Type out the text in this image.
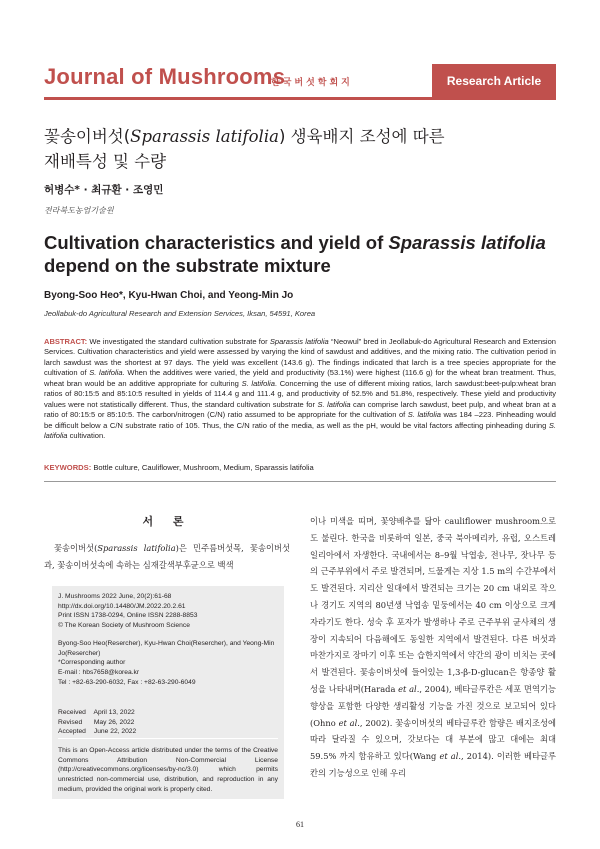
Journal of Mushrooms
한국버섯학회지	Research Article
꽃송이버섯(Sparassis latifolia) 생육배지 조성에 따른
재배특성 및 수량
허병수* · 최규환 · 조영민
전라북도농업기술원
Cultivation characteristics and yield of Sparassis latifolia depend on the substrate mixture
Byong-Soo Heo*, Kyu-Hwan Choi, and Yeong-Min Jo
Jeollabuk-do Agricultural Research and Extension Services, Iksan, 54591, Korea
ABSTRACT: We investigated the standard cultivation substrate for Sparassis latifolia “Neowul” bred in Jeollabuk-do Agricultural Research and Extension Services. Cultivation characteristics and yield were assessed by varying the kind of sawdust and additives, and the mixing ratio. The cultivation period in larch sawdust was the shortest at 97 days. The yield was excellent (143.6 g). The findings indicated that larch is a tree species appropriate for the cultivation of S. latifolia. When the additives were varied, the yield and productivity (53.1%) were highest (116.6 g) for the wheat bran treatment. Thus, wheat bran would be an additive appropriate for culturing S. latifolia. Concerning the use of different mixing ratios, larch sawdust:beet-pulp:wheat bran ratios of 80:15:5 and 85:10:5 resulted in yields of 114.4 g and 111.4 g, and productivity of 52.5% and 51.8%, respectively. These yield and productivity values were not statistically different. Thus, the standard cultivation substrate for S. latifolia can comprise larch sawdust, beet pulp, and wheat bran at a ratio of 80:15:5 or 85:10:5. The carbon/nitrogen (C/N) ratio assumed to be appropriate for the cultivation of S. latifolia was 184 –223. Pinheading would be difficult below a C/N substrate ratio of 105. Thus, the C/N ratio of the media, as well as the pH, would be vital factors affecting pinheading during S. latifolia cultivation.
KEYWORDS: Bottle culture, Cauliflower, Mushroom, Medium, Sparassis latifolia
서 론
꽃송이버섯(Sparassis latifolia)은 민주름버섯목, 꽃송이버섯과, 꽃송이버섯속에 속하는 심재갈색부후균으로 백색
이나 미색을 띠며, 꽃양배추를 닮아 cauliflower mushroom으로도 불린다. 한국을 비롯하여 일본, 중국 북아메리카, 유럽, 오스트레일리아에서 자생한다. 국내에서는 8–9월 낙엽송, 전나무, 잣나무 등의 근주부위에서 주로 발견되며, 드물게는 지상 1.5 m의 수간부에서도 발견된다. 지리산 일대에서 발견되는 크기는 20 cm 내외로 작으나 경기도 지역의 80년생 낙엽송 밑둥에서는 40 cm 이상으로 크게 자라기도 한다. 성숙 후 포자가 발생하나 주로 근주부위 균사체의 생장이 지속되어 다음해에도 동일한 지역에서 발견된다. 다른 버섯과 마찬가지로 장마기 이후 또는 습한지역에서 약간의 광이 비치는 곳에서 발견된다. 꽃송이버섯에 들어있는 1,3-β-D-glucan은 항종양 활성을 나타내며(Harada et al., 2004), 베타글루칸은 세포 면역기능 향상을 포함한 다양한 생리활성 기능을 가진 것으로 보고되어 있다(Ohno et al., 2002). 꽃송이버섯의 베타글루칸 함량은 배지조성에 따라 달라질 수 있으며, 갓보다는 대 부분에 많고 대에는 최대 59.5% 까지 함유하고 있다(Wang et al., 2014). 이러한 베타글루칸의 기능성으로 인해 우리
J. Mushrooms 2022 June, 20(2):61-68
http://dx.doi.org/10.14480/JM.2022.20.2.61
Print ISSN 1738-0294, Online ISSN 2288-8853
© The Korean Society of Mushroom Science
Byong-Soo Heo(Resercher), Kyu-Hwan Choi(Resercher), and Yeong-Min Jo(Resercher)
*Corresponding author
E-mail : hbs7658@korea.kr
Tel : +82-63-290-6032, Fax : +82-63-290-6049
Received April 13, 2022
Revised May 26, 2022
Accepted June 22, 2022
This is an Open-Access article distributed under the terms of the Creative Commons Attribution Non-Commercial License (http://creativecommons.org/licenses/by-nc/3.0) which permits unrestricted non-commercial use, distribution, and reproduction in any medium, provided the original work is properly cited.
61
